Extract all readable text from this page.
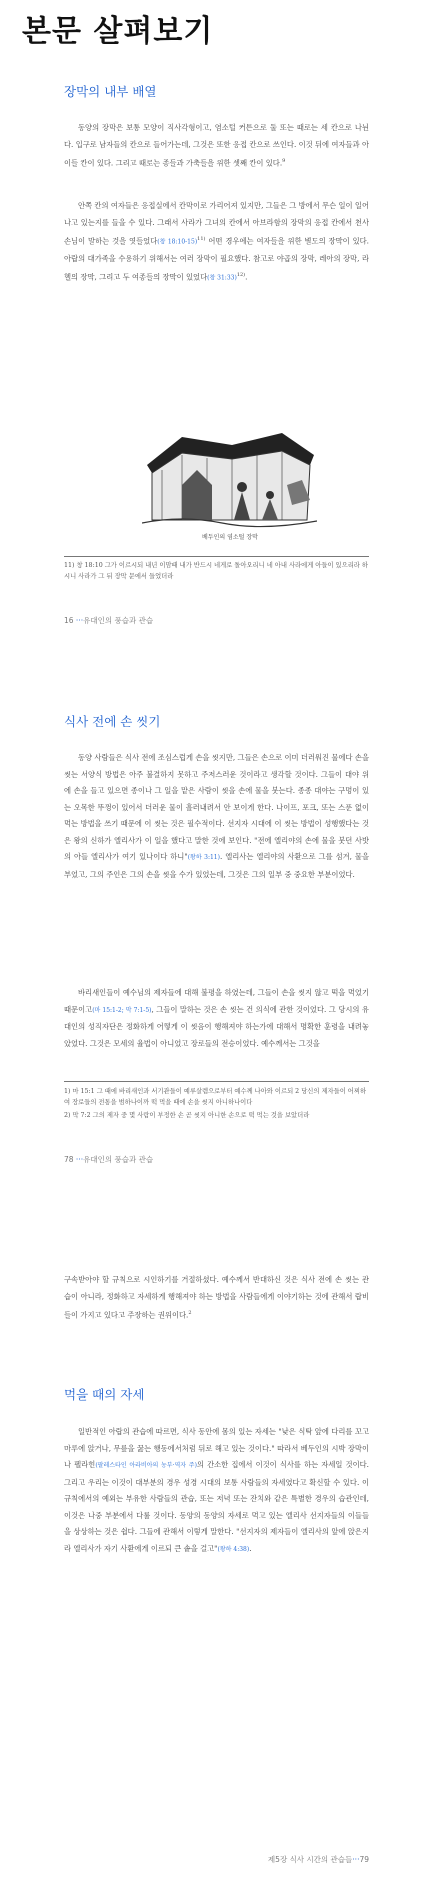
본문 살펴보기
장막의 내부 배열
동양의 장막은 보통 모양이 직사각형이고, 염소털 커튼으로 둘 또는 때로는 세 칸으로 나뉜다. 입구로 남자들의 칸으로 들어가는데, 그것은 또한 응접 칸으로 쓰인다. 이것 뒤에 여자들과 아이들 칸이 있다. 그리고 때로는 종들과 가축들을 위한 셋째 칸이 있다.$^9$
안쪽 칸의 여자들은 응접실에서 칸막이로 가리어져 있지만, 그들은 그 방에서 무슨 일이 일어나고 있는지를 들을 수 있다. 그래서 사라가 그녀의 칸에서 아브라함의 장막의 응접 칸에서 천사 손님이 말하는 것을 엿들었다(창 18:10-15)$^{11)}$ 어떤 경우에는 여자들을 위한 별도의 장막이 있다. 아랍의 대가족을 수용하기 위해서는 여러 장막이 필요했다. 참고로 야곱의 장막, 레아의 장막, 라헬의 장막, 그리고 두 여종들의 장막이 있었다(창 31:33)$^{12)}$.
베두인의 염소털 장막
11) 창 18:10 그가 이르시되 내년 이맘때 내가 반드시 네게로 돌아오리니 네 아내 사라에게 아들이 있으리라 하시니 사라가 그 뒤 장막 문에서 들었더라
16 ···유대인의 풍습과 관습
식사 전에 손 씻기
동양 사람들은 식사 전에 조심스럽게 손을 씻지만, 그들은 손으로 이미 더러워진 물에다 손을 씻는 서양식 방법은 아주 불결하지 못하고 주저스러운 것이라고 생각할 것이다. 그들이 대야 위에 손을 들고 있으면 종이나 그 일을 맡은 사람이 씻을 손에 물을 붓는다. 종종 대야는 구멍이 있는 오목한 뚜껑이 있어서 더러운 물이 흘러내려서 안 보이게 한다. 나이프, 포크, 또는 스푼 없이 먹는 방법을 쓰기 때문에 이 씻는 것은 필수적이다. 선지자 시대에 이 씻는 방법이 성행했다는 것은 왕의 신하가 엘리사가 이 일을 했다고 말한 것에 보인다. "전에 엘리야의 손에 물을 붓던 사밧의 아들 엘리사가 여기 있나이다 하니"(왕하 3:11). 엘리사는 엘리야의 사환으로 그를 섬겨, 물을 부었고, 그의 주인은 그의 손을 씻을 수가 있었는데, 그것은 그의 일부 중 중요한 부분이었다.
바리새인들이 예수님의 제자들에 대해 불평을 하였는데, 그들이 손을 씻지 않고 떡을 먹었기 때문이고(마 15:1-2; 막 7:1-5), 그들이 말하는 것은 손 씻는 건 의식에 관한 것이었다. 그 당시의 유대인의 성직자단은 정화하게 어떻게 이 씻음이 행해져야 하는가에 대해서 명확한 훈령을 내려놓았었다. 그것은 모세의 율법이 아니었고 장로들의 전승이었다. 예수께서는 그것을
1) 마 15:1 그 때에 바리새인과 서기관들이 예루살렘으로부터 예수께 나아와 이르되 2 당신의 제자들이 어찌하여 장로들의 전통을 범하나이까 떡 먹을 때에 손을 씻지 아니하나이다
2) 막 7:2 그의 제자 중 몇 사람이 부정한 손 곧 씻지 아니한 손으로 떡 먹는 것을 보았더라
78 ···유대인의 풍습과 관습
구속받아야 할 규칙으로 시인하기를 거절하셨다. 예수께서 반대하신 것은 식사 전에 손 씻는 관습이 아니라, 정화하고 자세하게 행해져야 하는 방법을 사람들에게 이야기하는 것에 관해서 랍비들이 가지고 있다고 주장하는 권위이다.$^2$
먹을 때의 자세
일반적인 아랍의 관습에 따르면, 식사 동안에 몸의 있는 자세는 "낮은 식탁 앞에 다리를 꼬고 마루에 앉거나, 무릎을 꿇는 행동에서처럼 뒤로 해고 있는 것이다." 따라서 베두인의 시박 장막이나 펠라힌(팔레스타인 아라비아의 농부·역자 주)의 간소한 집에서 이것이 식사를 하는 자세일 것이다. 그리고 우리는 이것이 대부분의 경우 성경 시대의 보통 사람들의 자세였다고 확신할 수 있다. 이 규칙에서의 예외는 부유한 사람들의 관습, 또는 저녁 또는 잔치와 같은 특별한 경우의 습관인데, 이것은 나중 부분에서 다룰 것이다. 동양의 동양의 자세로 먹고 있는 엘리사 선지자들의 이들들을 상상하는 것은 쉽다. 그들에 관해서 이렇게 말한다. "선지자의 제자들이 엘리사의 앞에 앉은지라 엘리사가 자기 사환에게 이르되 큰 솥을 걸고"(왕하 4:38).
제5장 식사 시간의 관습들···79
